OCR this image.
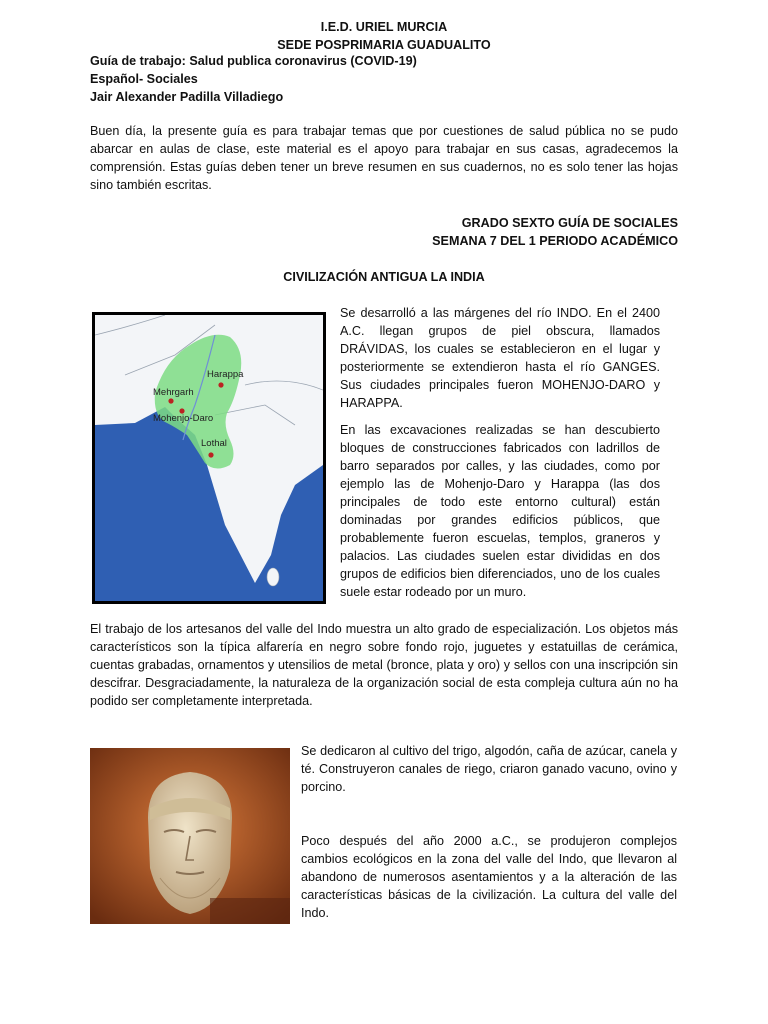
I.E.D. URIEL MURCIA
SEDE POSPRIMARIA GUADUALITO
Guía de trabajo: Salud publica coronavirus (COVID-19)
Español- Sociales
Jair Alexander Padilla Villadiego
Buen día, la presente guía es para trabajar temas que por cuestiones de salud pública no se pudo abarcar en aulas de clase, este material es el apoyo para trabajar en sus casas, agradecemos la comprensión. Estas guías deben tener un breve resumen en sus cuadernos, no es solo tener las hojas sino también escritas.
GRADO SEXTO GUÍA DE SOCIALES
SEMANA 7 DEL 1 PERIODO ACADÉMICO
CIVILIZACIÓN ANTIGUA LA INDIA
Harappa
Mehrgarh
Mohenjo-Daro
Lothal

Se desarrolló a las márgenes del río INDO. En el 2400 A.C. llegan grupos de piel obscura, llamados DRÁVIDAS, los cuales se establecieron en el lugar y posteriormente se extendieron hasta el río GANGES. Sus ciudades principales fueron MOHENJO-DARO y HARAPPA.

En las excavaciones realizadas se han descubierto bloques de construcciones fabricados con ladrillos de barro separados por calles, y las ciudades, como por ejemplo las de Mohenjo-Daro y Harappa (las dos principales de todo este entorno cultural) están dominadas por grandes edificios públicos, que probablemente fueron escuelas, templos, graneros y palacios. Las ciudades suelen estar divididas en dos grupos de edificios bien diferenciados, uno de los cuales suele estar rodeado por un muro.

El trabajo de los artesanos del valle del Indo muestra un alto grado de especialización. Los objetos más característicos son la típica alfarería en negro sobre fondo rojo, juguetes y estatuillas de cerámica, cuentas grabadas, ornamentos y utensilios de metal (bronce, plata y oro) y sellos con una inscripción sin descifrar. Desgraciadamente, la naturaleza de la organización social de esta compleja cultura aún no ha podido ser completamente interpretada.

Se dedicaron al cultivo del trigo, algodón, caña de azúcar, canela y té. Construyeron canales de riego, criaron ganado vacuno, ovino y porcino.

Poco después del año 2000 a.C., se produjeron complejos cambios ecológicos en la zona del valle del Indo, que llevaron al abandono de numerosos asentamientos y a la alteración de las características básicas de la civilización. La cultura del valle del Indo.
